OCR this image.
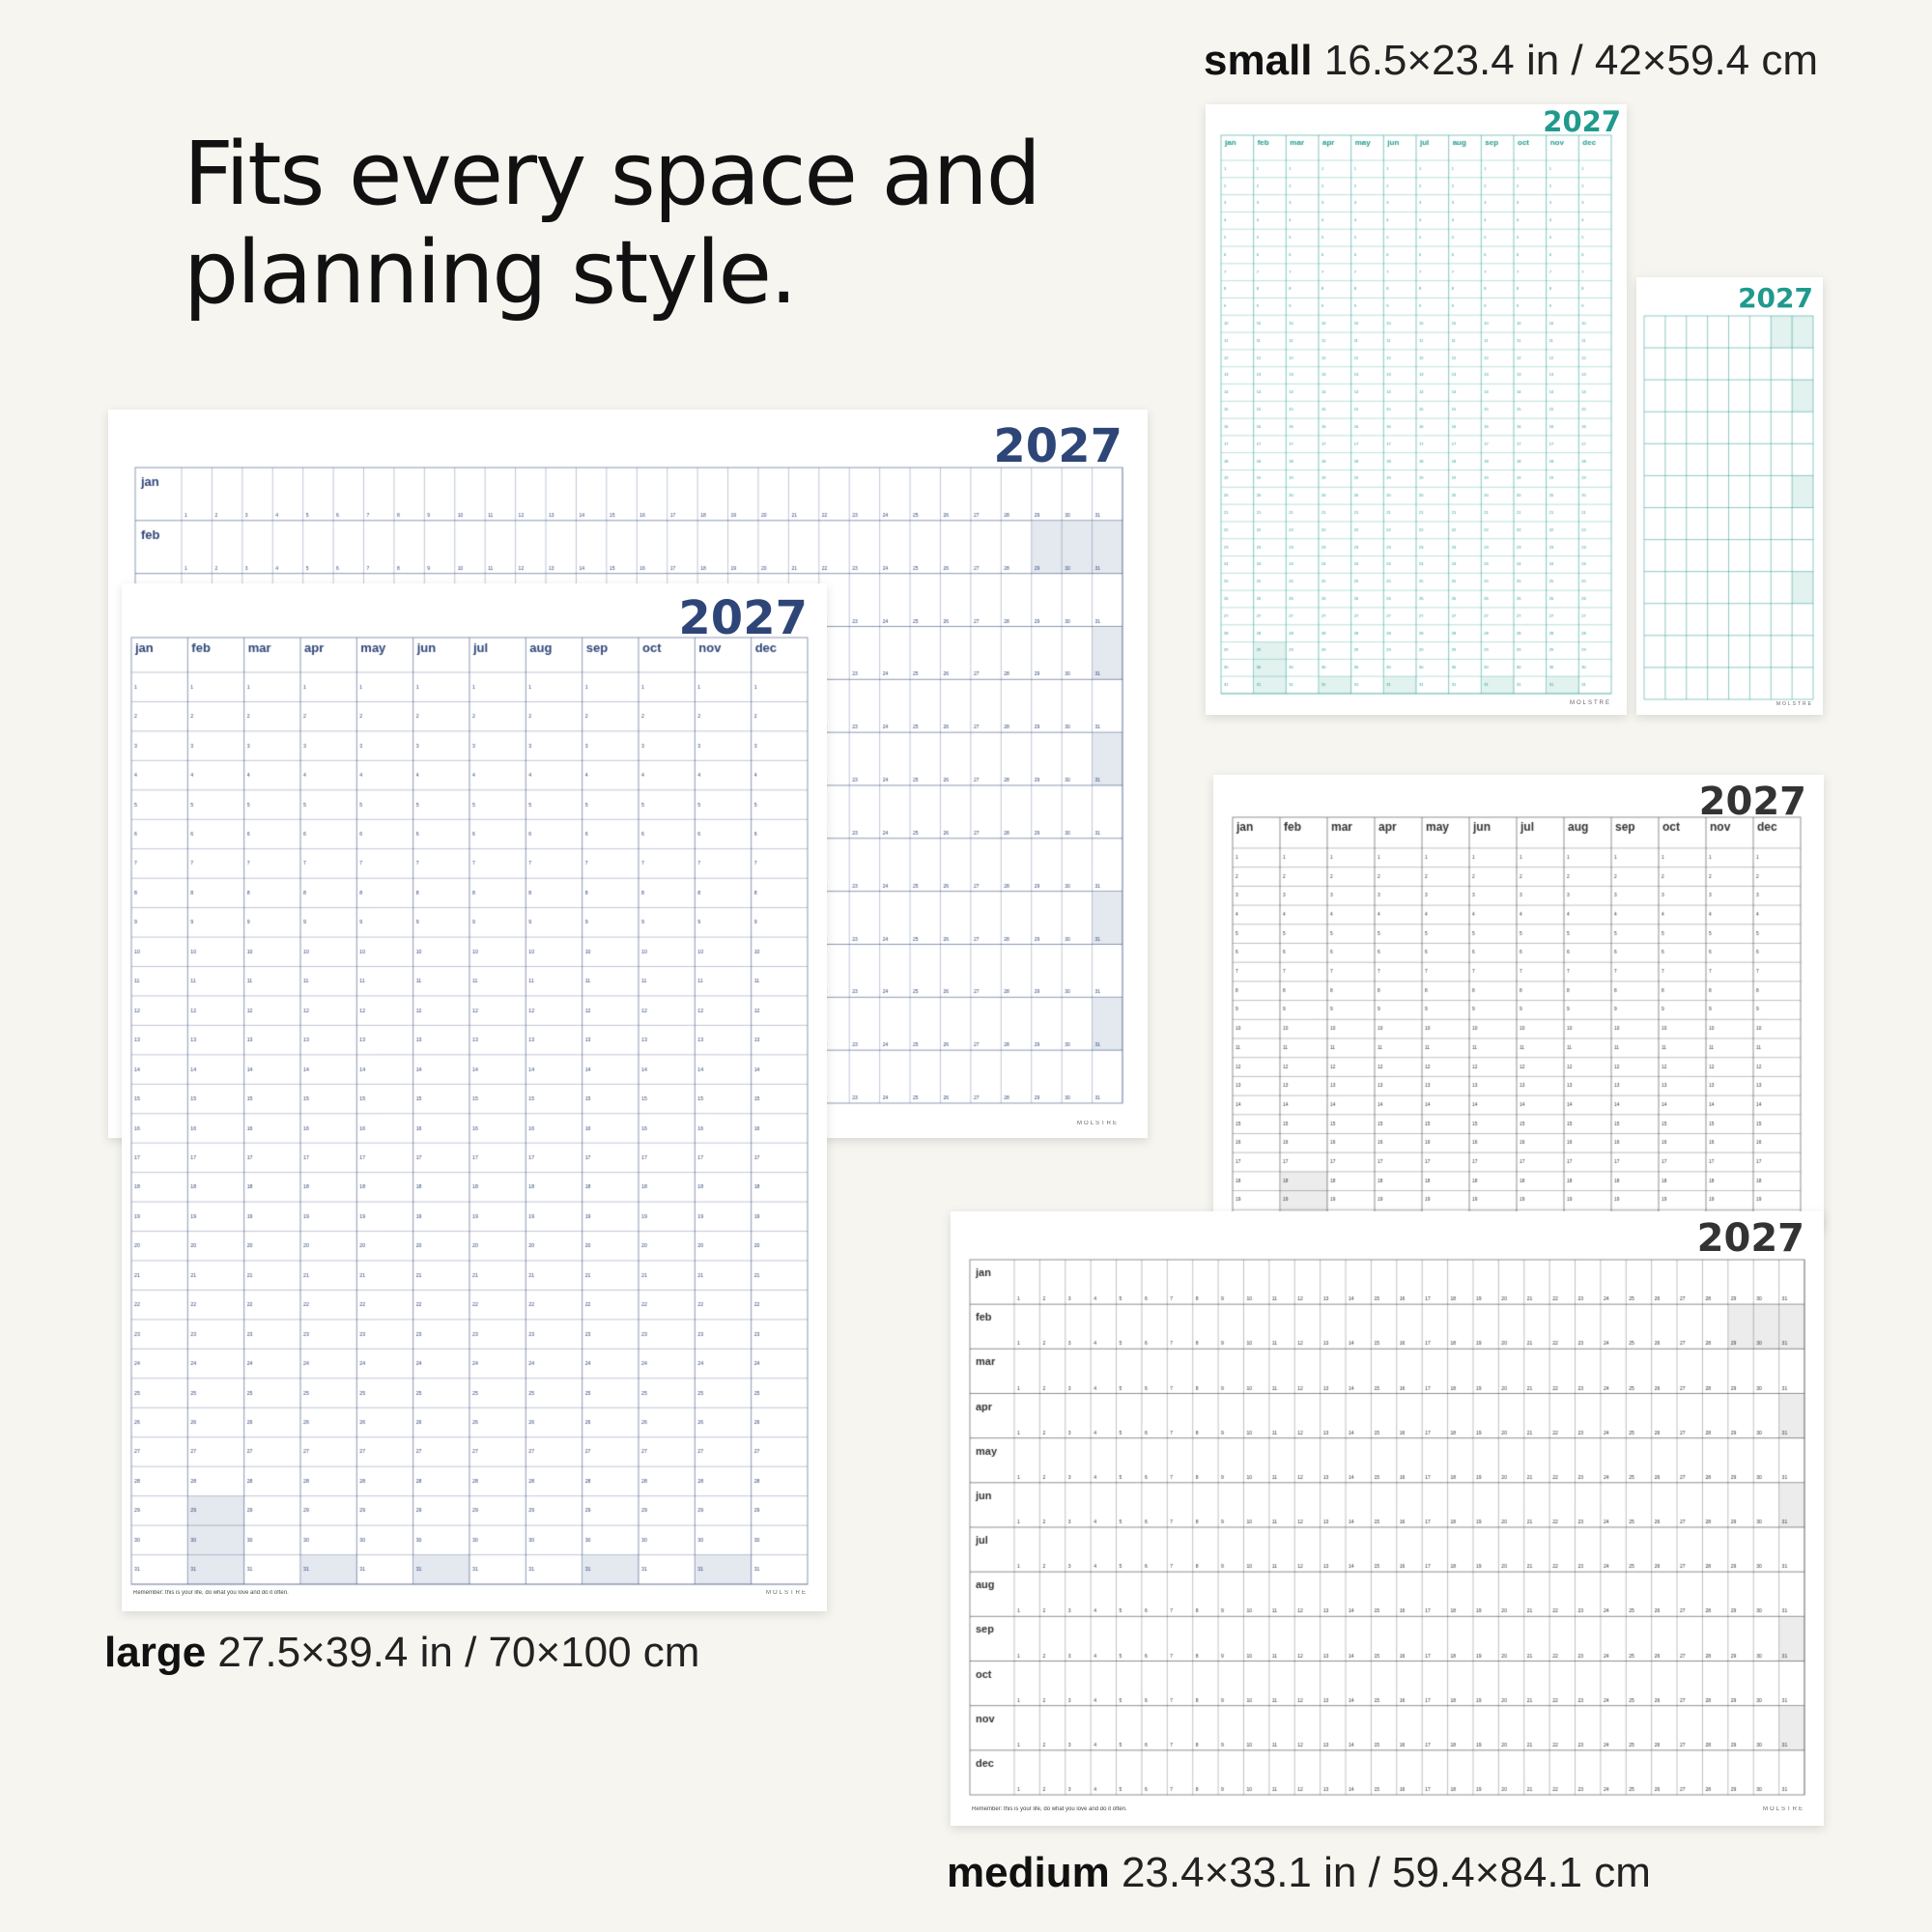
Fits every space and
planning style.
2027
MOLSTRE
2027
MOLSTRE
small 16.5×23.4 in / 42×59.4 cm
2027
MOLSTRE
2027
Remember: this is your life, do what you love and do it often.	MOLSTRE
large 27.5×39.4 in / 70×100 cm
2027
2027
Remember: this is your life, do what you love and do it often.	MOLSTRE
medium 23.4×33.1 in / 59.4×84.1 cm
